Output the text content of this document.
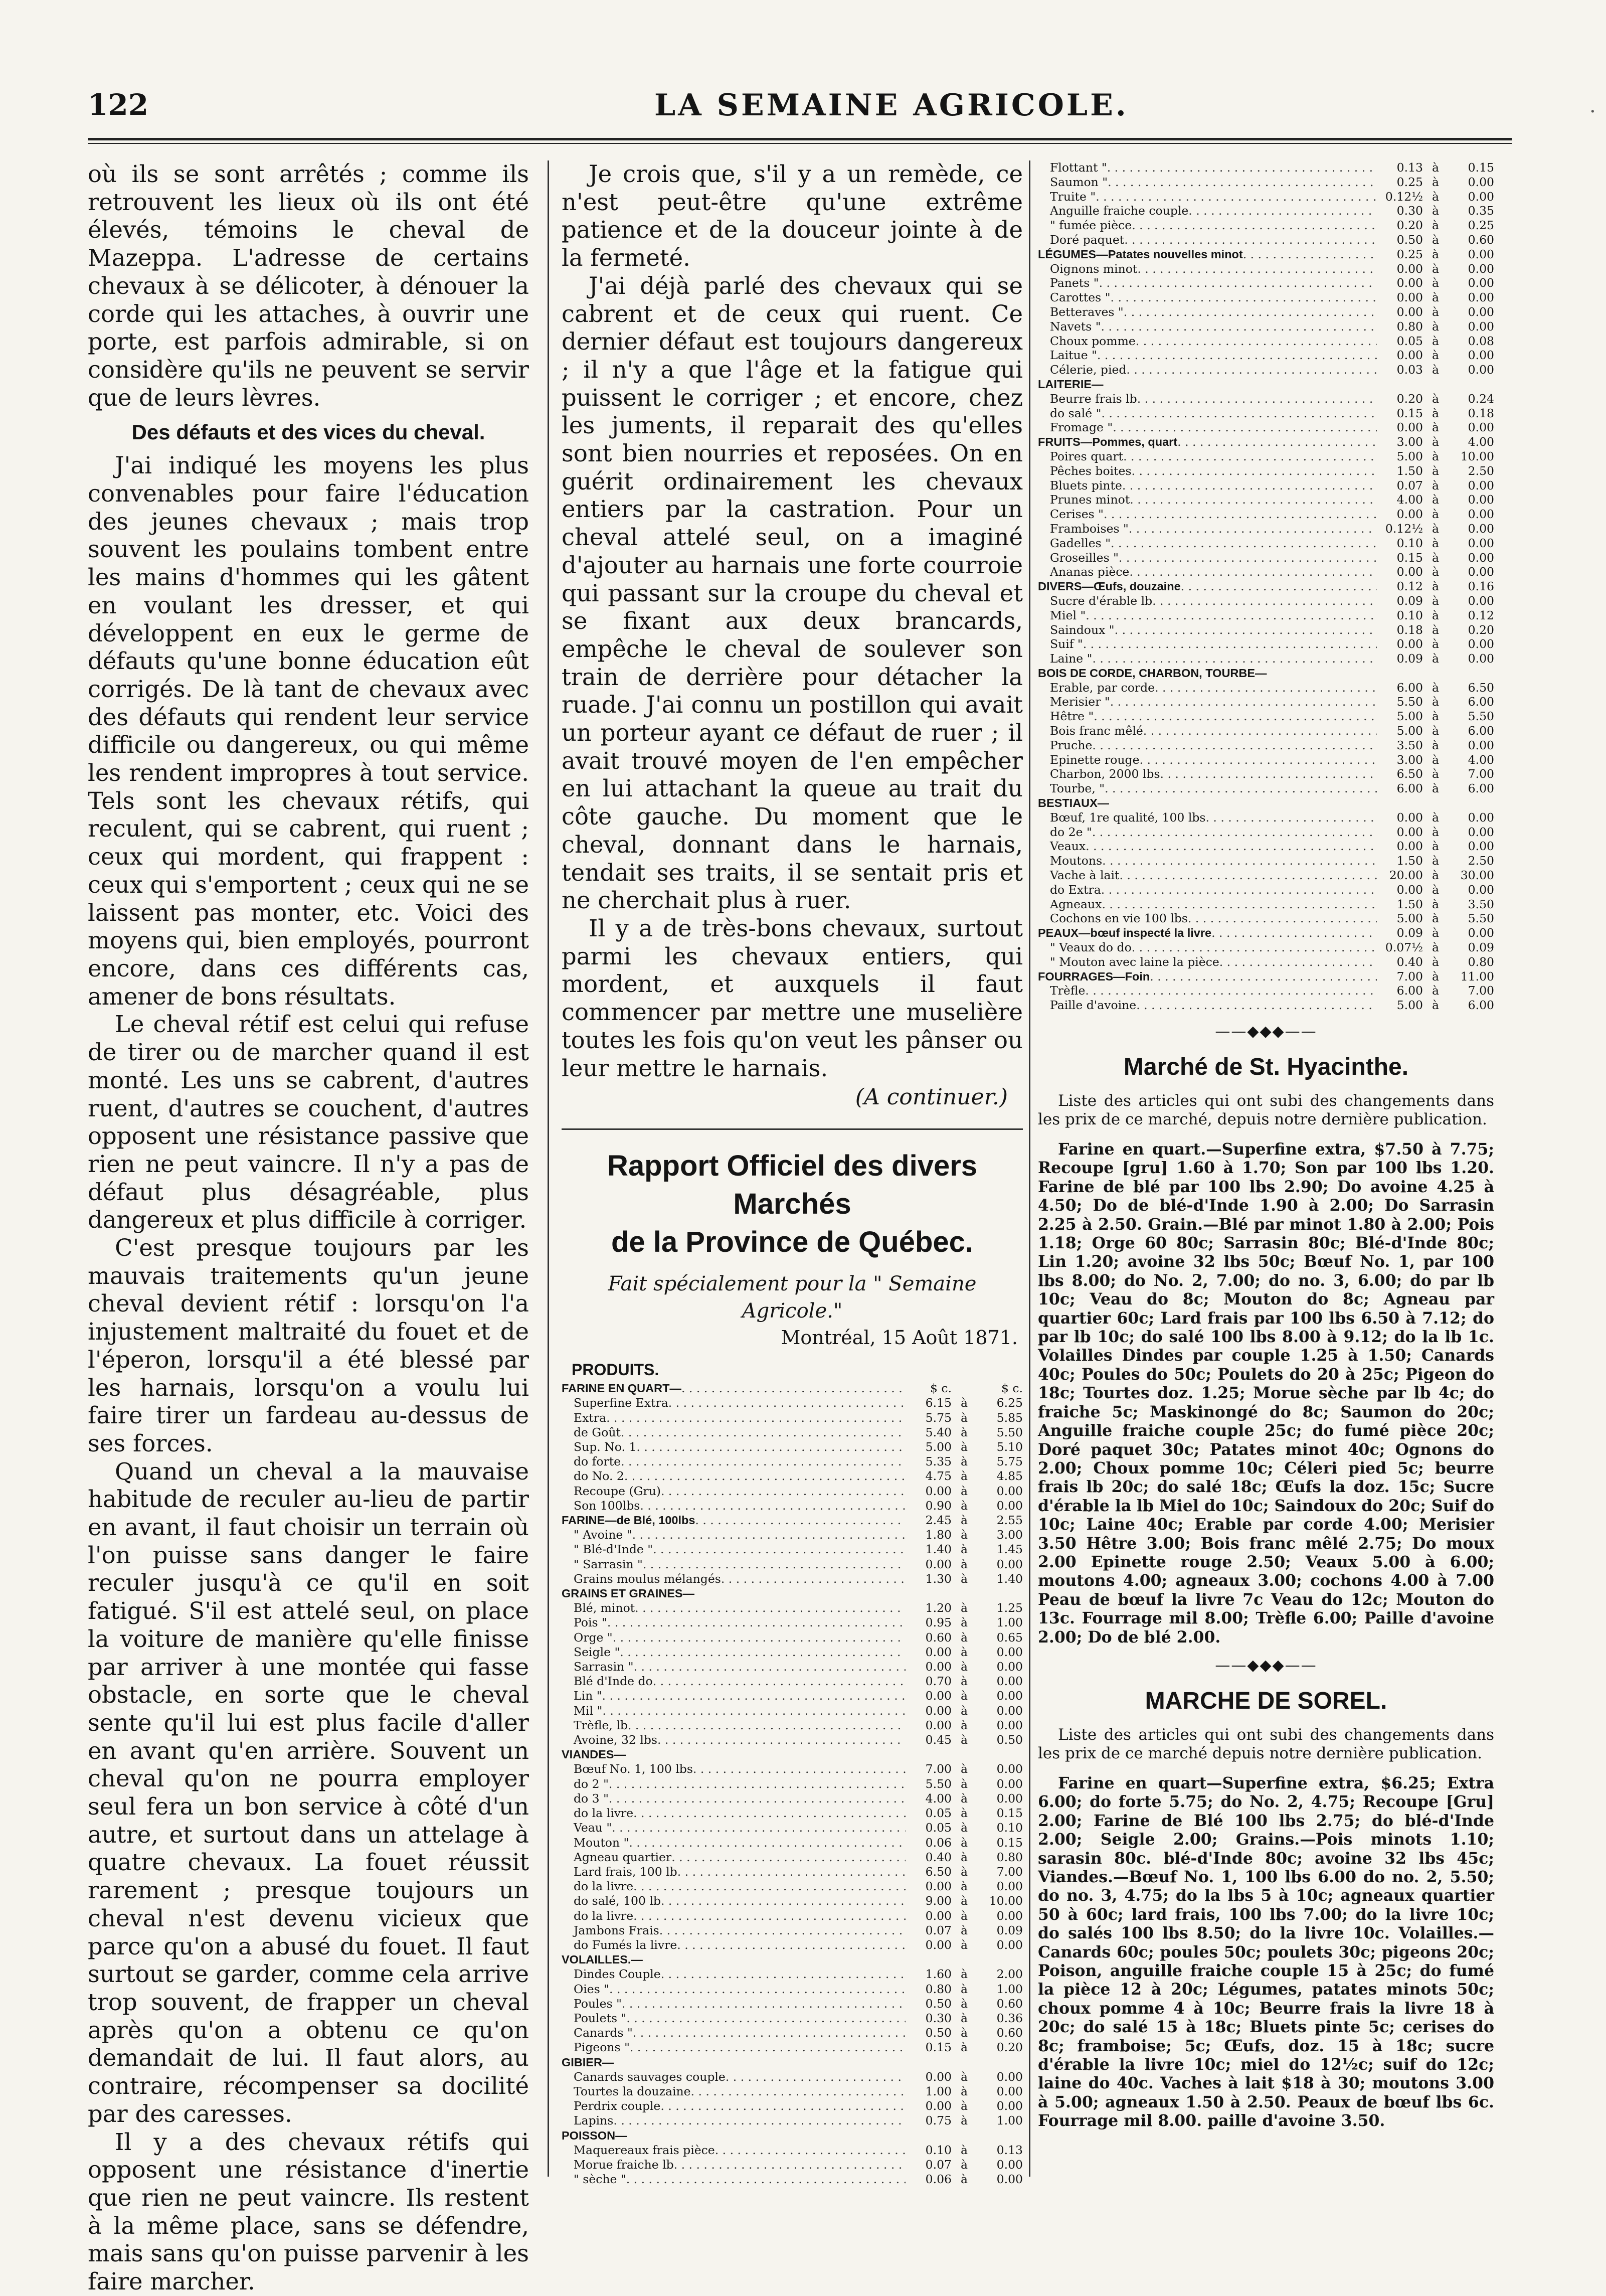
122	LA SEMAINE AGRICOLE.

où ils se sont arrêtés ; comme ils retrouvent les lieux où ils ont été élevés, témoins le cheval de Mazeppa. L'adresse de certains chevaux à se délicoter, à dénouer la corde qui les attaches, à ouvrir une porte, est parfois admirable, si on considère qu'ils ne peuvent se servir que de leurs lèvres.

Des défauts et des vices du cheval.

J'ai indiqué les moyens les plus convenables pour faire l'éducation des jeunes chevaux ; mais trop souvent les poulains tombent entre les mains d'hommes qui les gâtent en voulant les dresser, et qui développent en eux le germe de défauts qu'une bonne éducation eût corrigés. De là tant de chevaux avec des défauts qui rendent leur service difficile ou dangereux, ou qui même les rendent impropres à tout service. Tels sont les chevaux rétifs, qui reculent, qui se cabrent, qui ruent ; ceux qui mordent, qui frappent : ceux qui s'emportent ; ceux qui ne se laissent pas monter, etc. Voici des moyens qui, bien employés, pourront encore, dans ces différents cas, amener de bons résultats.

Le cheval rétif est celui qui refuse de tirer ou de marcher quand il est monté. Les uns se cabrent, d'autres ruent, d'autres se couchent, d'autres opposent une résistance passive que rien ne peut vaincre. Il n'y a pas de défaut plus désagréable, plus dangereux et plus difficile à corriger.

C'est presque toujours par les mauvais traitements qu'un jeune cheval devient rétif : lorsqu'on l'a injustement maltraité du fouet et de l'éperon, lorsqu'il a été blessé par les harnais, lorsqu'on a voulu lui faire tirer un fardeau au-dessus de ses forces.

Quand un cheval a la mauvaise habitude de reculer au-lieu de partir en avant, il faut choisir un terrain où l'on puisse sans danger le faire reculer jusqu'à ce qu'il en soit fatigué. S'il est attelé seul, on place la voiture de manière qu'elle finisse par arriver à une montée qui fasse obstacle, en sorte que le cheval sente qu'il lui est plus facile d'aller en avant qu'en arrière. Souvent un cheval qu'on ne pourra employer seul fera un bon service à côté d'un autre, et surtout dans un attelage à quatre chevaux. La fouet réussit rarement ; presque toujours un cheval n'est devenu vicieux que parce qu'on a abusé du fouet. Il faut surtout se garder, comme cela arrive trop souvent, de frapper un cheval après qu'on a obtenu ce qu'on demandait de lui. Il faut alors, au contraire, récompenser sa docilité par des caresses.

Il y a des chevaux rétifs qui opposent une résistance d'inertie que rien ne peut vaincre. Ils restent à la même place, sans se défendre, mais sans qu'on puisse parvenir à les faire marcher.

Je crois que, s'il y a un remède, ce n'est peut-être qu'une extrême patience et de la douceur jointe à de la fermeté.

J'ai déjà parlé des chevaux qui se cabrent et de ceux qui ruent. Ce dernier défaut est toujours dangereux ; il n'y a que l'âge et la fatigue qui puissent le corriger ; et encore, chez les juments, il reparait des qu'elles sont bien nourries et reposées. On en guérit ordinairement les chevaux entiers par la castration. Pour un cheval attelé seul, on a imaginé d'ajouter au harnais une forte courroie qui passant sur la croupe du cheval et se fixant aux deux brancards, empêche le cheval de soulever son train de derrière pour détacher la ruade. J'ai connu un postillon qui avait un porteur ayant ce défaut de ruer ; il avait trouvé moyen de l'en empêcher en lui attachant la queue au trait du côte gauche. Du moment que le cheval, donnant dans le harnais, tendait ses traits, il se sentait pris et ne cherchait plus à ruer.

Il y a de très-bons chevaux, surtout parmi les chevaux entiers, qui mordent, et auxquels il faut commencer par mettre une muselière toutes les fois qu'on veut les pânser ou leur mettre le harnais.

(A continuer.)
Rapport Officiel des divers Marchés
de la Province de Québec.
Fait spécialement pour la " Semaine Agricole."
Montréal, 15 Août 1871.
PRODUITS.
FARINE EN QUART— . . .	$ c.	$ c.
Superfine Extra . . .	6.15 à	6.25
Extra . . .	5.75 à	5.85
de Goût . . .	5.40 à	5.50
Sup. No. 1 . . .	5.00 à	5.10
do forte . . .	5.35 à	5.75
do No. 2 . . .	4.75 à	4.85
Recoupe (Gru) . . .	0.00 à	0.00
Son 100lbs . . .	0.90 à	0.00
FARINE—de Blé, 100lbs . . .	2.45 à	2.55
" Avoine " . . .	1.80 à	3.00
" Blé-d'Inde " . . .	1.40 à	1.45
" Sarrasin " . . .	0.00 à	0.00
Grains moulus mélangés . . .	1.30 à	1.40
GRAINS ET GRAINES—
Blé, minot . . .	1.20 à	1.25
Pois " . . .	0.95 à	1.00
Orge " . . .	0.60 à	0.65
Seigle " . . .	0.00 à	0.00
Sarrasin " . . .	0.00 à	0.00
Blé d'Inde do . . .	0.70 à	0.00
Lin " . . .	0.00 à	0.00
Mil " . . .	0.00 à	0.00
Trèfle, lb . . .	0.00 à	0.00
Avoine, 32 lbs . . .	0.45 à	0.50
VIANDES—
Bœuf No. 1, 100 lbs . . .	7.00 à	0.00
do 2 " . . .	5.50 à	0.00
do 3 " . . .	4.00 à	0.00
do la livre . . .	0.05 à	0.15
Veau " . . .	0.05 à	0.10
Mouton " . . .	0.06 à	0.15
Agneau quartier . . .	0.40 à	0.80
Lard frais, 100 lb . . .	6.50 à	7.00
do la livre . . .	0.00 à	0.00
do salé, 100 lb . . .	9.00 à	10.00
do la livre . . .	0.00 à	0.00
Jambons Frais . . .	0.07 à	0.09
do Fumés la livre . . .	0.00 à	0.00
VOLAILLES.—
Dindes Couple . . .	1.60 à	2.00
Oies " . . .	0.80 à	1.00
Poules " . . .	0.50 à	0.60
Poulets " . . .	0.30 à	0.36
Canards " . . .	0.50 à	0.60
Pigeons " . . .	0.15 à	0.20
GIBIER—
Canards sauvages couple . . .	0.00 à	0.00
Tourtes la douzaine . . .	1.00 à	0.00
Perdrix couple . . .	0.00 à	0.00
Lapins . . .	0.75 à	1.00
POISSON—
Maquereaux frais pièce . . .	0.10 à	0.13
Morue fraiche lb . . .	0.07 à	0.00
" sèche " . . .	0.06 à	0.00
Flottant " . . .	0.13 à	0.15
Saumon " . . .	0.25 à	0.00
Truite " . . .	0.12½ à	0.00
Anguille fraiche couple . . .	0.30 à	0.35
" fumée pièce . . .	0.20 à	0.25
Doré paquet . . .	0.50 à	0.60
LÉGUMES—Patates nouvelles minot . . .	0.25 à	0.00
Oignons minot . . .	0.00 à	0.00
Panets " . . .	0.00 à	0.00
Carottes " . . .	0.00 à	0.00
Betteraves " . . .	0.00 à	0.00
Navets " . . .	0.80 à	0.00
Choux pomme . . .	0.05 à	0.08
Laitue " . . .	0.00 à	0.00
Célerie, pied . . .	0.03 à	0.00
LAITERIE—
Beurre frais lb . . .	0.20 à	0.24
do salé " . . .	0.15 à	0.18
Fromage " . . .	0.00 à	0.00
FRUITS—Pommes, quart . . .	3.00 à	4.00
Poires quart . . .	5.00 à	10.00
Pêches boites . . .	1.50 à	2.50
Bluets pinte . . .	0.07 à	0.00
Prunes minot . . .	4.00 à	0.00
Cerises " . . .	0.00 à	0.00
Framboises " . . .	0.12½ à	0.00
Gadelles " . . .	0.10 à	0.00
Groseilles " . . .	0.15 à	0.00
Ananas pièce . . .	0.00 à	0.00
DIVERS—Œufs, douzaine . . .	0.12 à	0.16
Sucre d'érable lb . . .	0.09 à	0.00
Miel " . . .	0.10 à	0.12
Saindoux " . . .	0.18 à	0.20
Suif " . . .	0.00 à	0.00
Laine " . . .	0.09 à	0.00
BOIS DE CORDE, CHARBON, TOURBE—
Erable, par corde . . .	6.00 à	6.50
Merisier " . . .	5.50 à	6.00
Hêtre " . . .	5.00 à	5.50
Bois franc mêlé . . .	5.00 à	6.00
Pruche . . .	3.50 à	0.00
Epinette rouge . . .	3.00 à	4.00
Charbon, 2000 lbs . . .	6.50 à	7.00
Tourbe, " . . .	6.00 à	6.00
BESTIAUX—
Bœuf, 1re qualité, 100 lbs . . .	0.00 à	0.00
do 2e " . . .	0.00 à	0.00
Veaux . . .	0.00 à	0.00
Moutons . . .	1.50 à	2.50
Vache à lait . . .	20.00 à	30.00
do Extra . . .	0.00 à	0.00
Agneaux . . .	1.50 à	3.50
Cochons en vie 100 lbs . . .	5.00 à	5.50
PEAUX—bœuf inspecté la livre . . .	0.09 à	0.00
" Veaux do do . . .	0.07½ à	0.09
" Mouton avec laine la pièce . . .	0.40 à	0.80
FOURRAGES—Foin . . .	7.00 à	11.00
Trèfle . . .	6.00 à	7.00
Paille d'avoine . . .	5.00 à	6.00
——◆◆◆——
Marché de St. Hyacinthe.

Liste des articles qui ont subi des changements dans les prix de ce marché, depuis notre dernière publication.

Farine en quart.—Superfine extra, $7.50 à 7.75; Recoupe [gru] 1.60 à 1.70; Son par 100 lbs 1.20. Farine de blé par 100 lbs 2.90; Do avoine 4.25 à 4.50; Do de blé-d'Inde 1.90 à 2.00; Do Sarrasin 2.25 à 2.50. Grain.—Blé par minot 1.80 à 2.00; Pois 1.18; Orge 60 80c; Sarrasin 80c; Blé-d'Inde 80c; Lin 1.20; avoine 32 lbs 50c; Bœuf No. 1, par 100 lbs 8.00; do No. 2, 7.00; do no. 3, 6.00; do par lb 10c; Veau do 8c; Mouton do 8c; Agneau par quartier 60c; Lard frais par 100 lbs 6.50 à 7.12; do par lb 10c; do salé 100 lbs 8.00 à 9.12; do la lb 1c. Volailles Dindes par couple 1.25 à 1.50; Canards 40c; Poules do 50c; Poulets do 20 à 25c; Pigeon do 18c; Tourtes doz. 1.25; Morue sèche par lb 4c; do fraiche 5c; Maskinongé do 8c; Saumon do 20c; Anguille fraiche couple 25c; do fumé pièce 20c; Doré paquet 30c; Patates minot 40c; Ognons do 2.00; Choux pomme 10c; Céleri pied 5c; beurre frais lb 20c; do salé 18c; Œufs la doz. 15c; Sucre d'érable la lb Miel do 10c; Saindoux do 20c; Suif do 10c; Laine 40c; Erable par corde 4.00; Merisier 3.50 Hêtre 3.00; Bois franc mêlé 2.75; Do moux 2.00 Epinette rouge 2.50; Veaux 5.00 à 6.00; moutons 4.00; agneaux 3.00; cochons 4.00 à 7.00 Peau de bœuf la livre 7c Veau do 12c; Mouton do 13c. Fourrage mil 8.00; Trèfle 6.00; Paille d'avoine 2.00; Do de blé 2.00.

——◆◆◆——
MARCHE DE SOREL.

Liste des articles qui ont subi des changements dans les prix de ce marché depuis notre dernière publication.

Farine en quart—Superfine extra, $6.25; Extra 6.00; do forte 5.75; do No. 2, 4.75; Recoupe [Gru] 2.00; Farine de Blé 100 lbs 2.75; do blé-d'Inde 2.00; Seigle 2.00; Grains.—Pois minots 1.10; sarasin 80c. blé-d'Inde 80c; avoine 32 lbs 45c; Viandes.—Bœuf No. 1, 100 lbs 6.00 do no. 2, 5.50; do no. 3, 4.75; do la lbs 5 à 10c; agneaux quartier 50 à 60c; lard frais, 100 lbs 7.00; do la livre 10c; do salés 100 lbs 8.50; do la livre 10c. Volailles.—Canards 60c; poules 50c; poulets 30c; pigeons 20c; Poison, anguille fraiche couple 15 à 25c; do fumé la pièce 12 à 20c; Légumes, patates minots 50c; choux pomme 4 à 10c; Beurre frais la livre 18 à 20c; do salé 15 à 18c; Bluets pinte 5c; cerises do 8c; framboise; 5c; Œufs, doz. 15 à 18c; sucre d'érable la livre 10c; miel do 12½c; suif do 12c; laine do 40c. Vaches à lait $18 à 30; moutons 3.00 à 5.00; agneaux 1.50 à 2.50. Peaux de bœuf lbs 6c. Fourrage mil 8.00. paille d'avoine 3.50.

·
